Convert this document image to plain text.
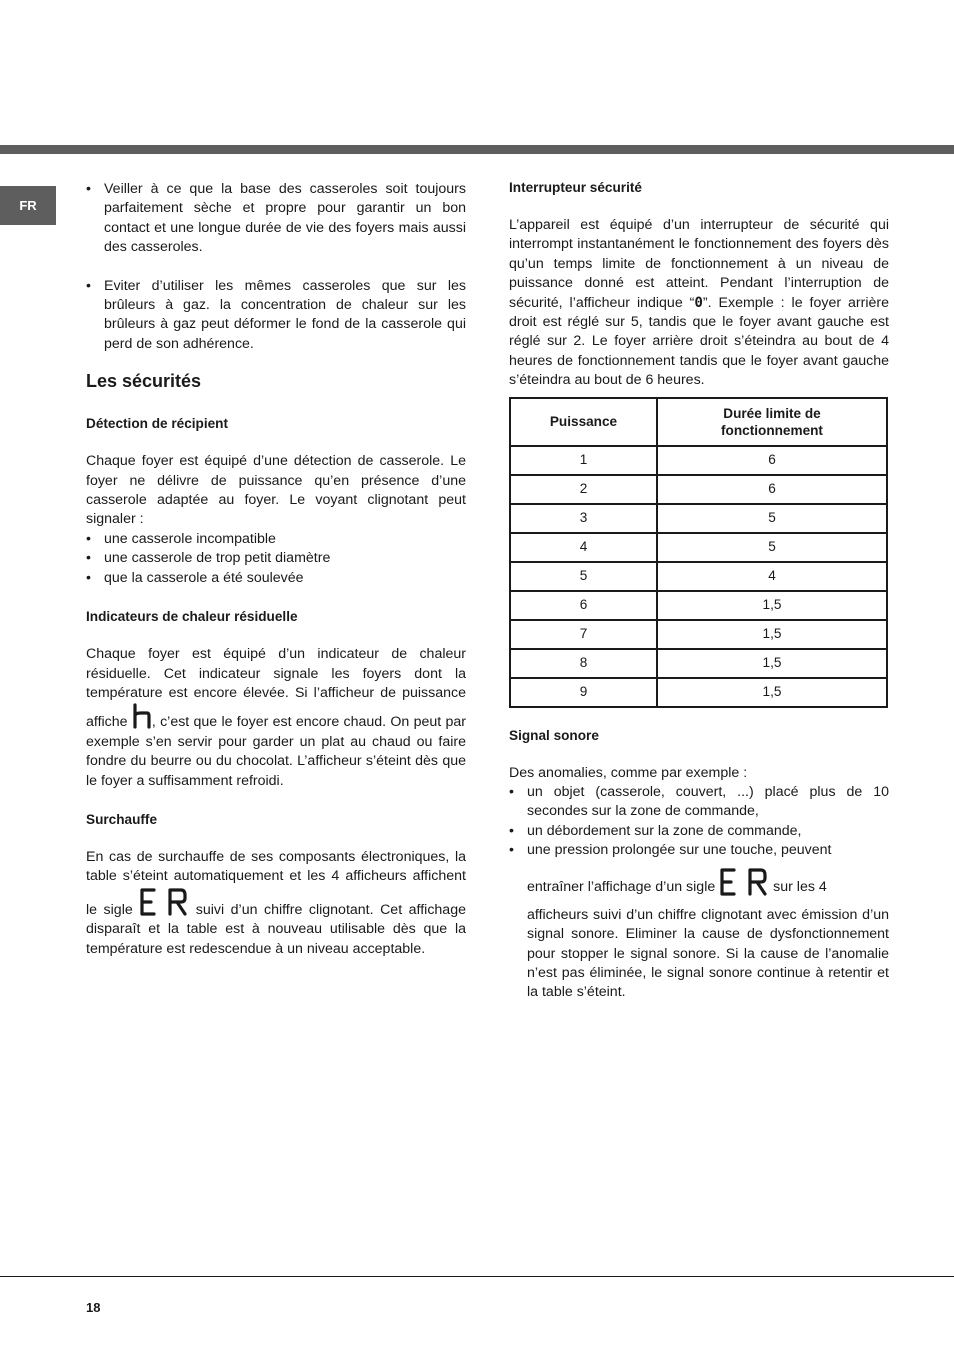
FR

• Veiller à ce que la base des casseroles soit toujours parfaitement sèche et propre pour garantir un bon contact et une longue durée de vie des foyers mais aussi des casseroles.

• Eviter d’utiliser les mêmes casseroles que sur les brûleurs à gaz. la concentration de chaleur sur les brûleurs à gaz peut déformer le fond de la casserole qui perd de son adhérence.

Les sécurités
Détection de récipient
Chaque foyer est équipé d’une détection de casserole. Le foyer ne délivre de puissance qu’en présence d’une casserole adaptée au foyer. Le voyant clignotant peut signaler :

• une casserole incompatible

• une casserole de trop petit diamètre

• que la casserole a été soulevée

Indicateurs de chaleur résiduelle
Chaque foyer est équipé d’un indicateur de chaleur résiduelle. Cet indicateur signale les foyers dont la température est encore élevée. Si l’afficheur de puissance affiche , c’est que le foyer est encore chaud. On peut par exemple s’en servir pour garder un plat au chaud ou faire fondre du beurre ou du chocolat. L’afficheur s’éteint dès que le foyer a suffisamment refroidi.
Surchauffe
En cas de surchauffe de ses composants électroniques, la table s’éteint automatiquement et les 4 afficheurs affichent le sigle	suivi d’un chiffre clignotant. Cet affichage disparaît et la table est à nouveau utilisable dès que la température est redescendue à un niveau acceptable.
Interrupteur sécurité
L’appareil est équipé d’un interrupteur de sécurité qui interrompt instantanément le fonctionnement des foyers dès qu’un temps limite de fonctionnement à un niveau de puissance donné est atteint. Pendant l’interruption de sécurité, l’afficheur indique “0”. Exemple : le foyer arrière droit est réglé sur 5, tandis que le foyer avant gauche est réglé sur 2. Le foyer arrière droit s’éteindra au bout de 4 heures de fonctionnement tandis que le foyer avant gauche s’éteindra au bout de 6 heures.
Puissance	Durée limite de fonctionnement
1	6
2	6
3	5
4	5
5	4
6	1,5
7	1,5
8	1,5
9	1,5
Signal sonore
Des anomalies, comme par exemple :

• un objet (casserole, couvert, ...) placé plus de 10 secondes sur la zone de commande,

• un débordement sur la zone de commande,

• une pression prolongée sur une touche, peuvent
entraîner l’affichage d’un sigle	sur les 4
afficheurs suivi d’un chiffre clignotant avec émission d’un signal sonore. Eliminer la cause de dysfonctionnement pour stopper le signal sonore. Si la cause de l’anomalie n’est pas éliminée, le signal sonore continue à retentir et la table s’éteint.
18
